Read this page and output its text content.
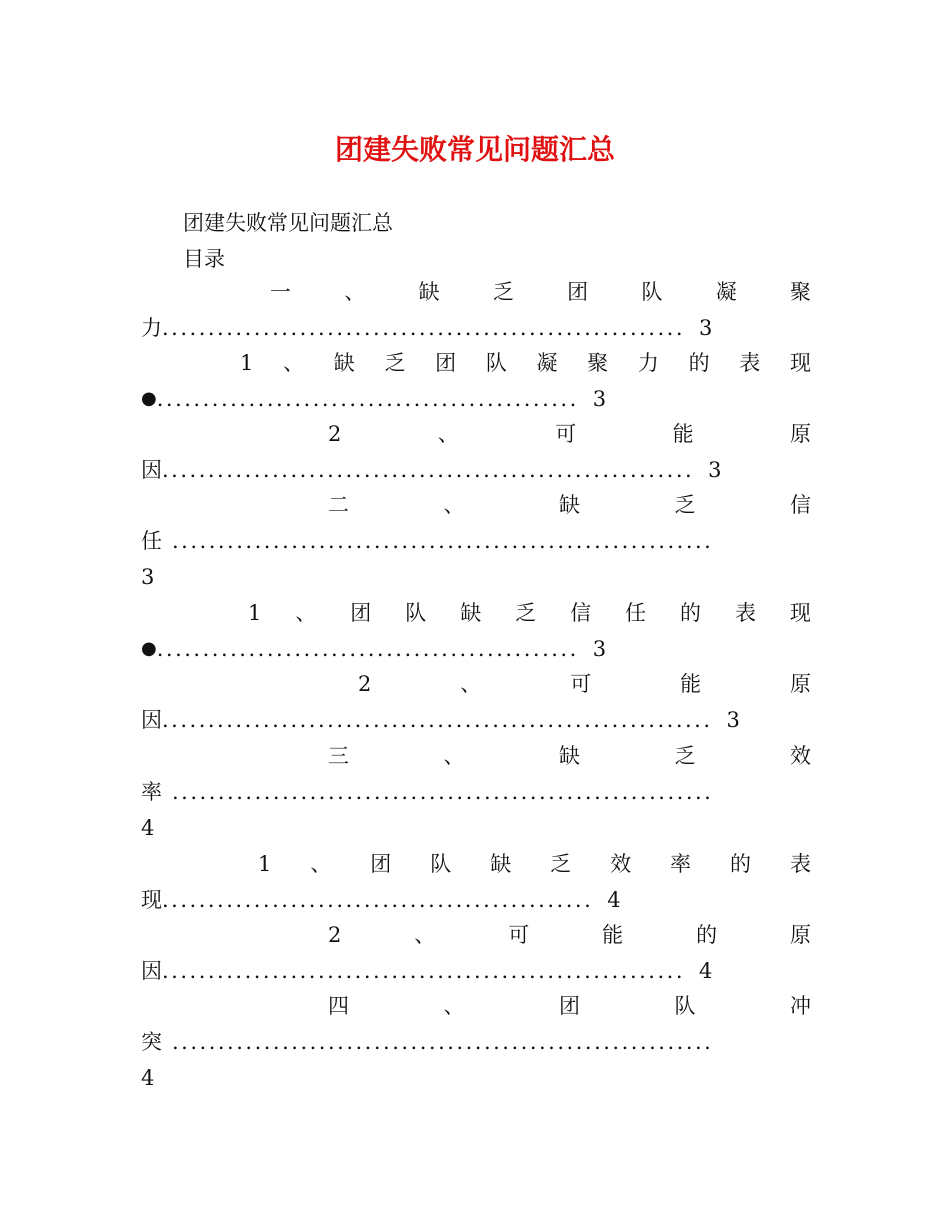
团建失败常见问题汇总
团建失败常见问题汇总
目录
一	、	缺	乏	团	队	凝	聚
力 ......................................................... 3
1 、 缺 乏 团 队 凝 聚 力 的 表 现
● .............................................. 3
2	、	可	能	原
因 .......................................................... 3
二	、	缺	乏	信
任 ...........................................................
3
1 、 团 队 缺 乏 信 任 的 表 现
● .............................................. 3
2	、	可	能	原
因 ............................................................ 3
三	、	缺	乏	效
率 ...........................................................
4
1 、 团 队 缺 乏 效 率 的 表
现 ............................................... 4
2	、	可	能	的	原
因 ......................................................... 4
四	、	团	队	冲
突 ...........................................................
4
